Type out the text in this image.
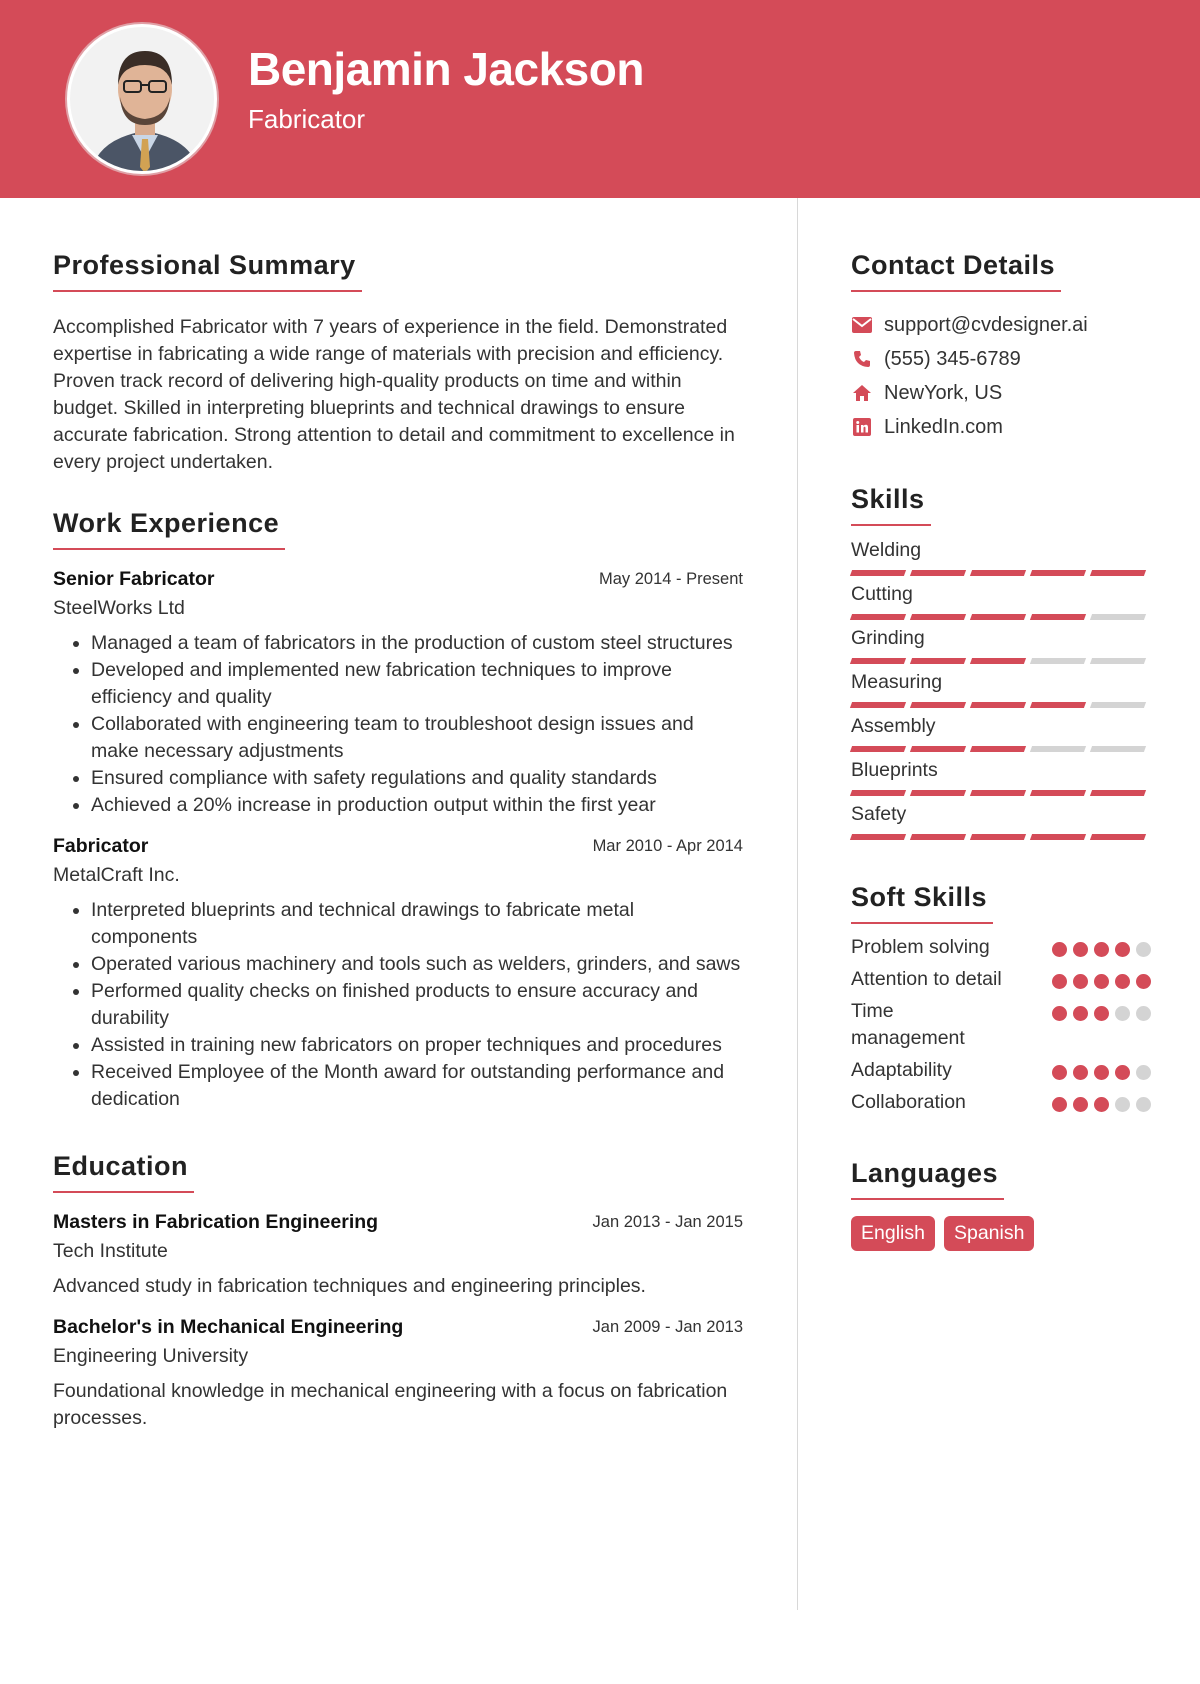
Benjamin Jackson
Fabricator
Professional Summary

Accomplished Fabricator with 7 years of experience in the field. Demonstrated expertise in fabricating a wide range of materials with precision and efficiency. Proven track record of delivering high-quality products on time and within budget. Skilled in interpreting blueprints and technical drawings to ensure accurate fabrication. Strong attention to detail and commitment to excellence in every project undertaken.

Work Experience
Senior Fabricator	May 2014 - Present
SteelWorks Ltd
• Managed a team of fabricators in the production of custom steel structures
• Developed and implemented new fabrication techniques to improve efficiency and quality
• Collaborated with engineering team to troubleshoot design issues and make necessary adjustments
• Ensured compliance with safety regulations and quality standards
• Achieved a 20% increase in production output within the first year
Fabricator	Mar 2010 - Apr 2014
MetalCraft Inc.
• Interpreted blueprints and technical drawings to fabricate metal components
• Operated various machinery and tools such as welders, grinders, and saws
• Performed quality checks on finished products to ensure accuracy and durability
• Assisted in training new fabricators on proper techniques and procedures
• Received Employee of the Month award for outstanding performance and dedication
Education
Masters in Fabrication Engineering	Jan 2013 - Jan 2015
Tech Institute

Advanced study in fabrication techniques and engineering principles.

Bachelor's in Mechanical Engineering	Jan 2009 - Jan 2013
Engineering University

Foundational knowledge in mechanical engineering with a focus on fabrication processes.

Contact Details
support@cvdesigner.ai
(555) 345-6789
NewYork, US
LinkedIn.com
Skills
Welding
Cutting
Grinding
Measuring
Assembly
Blueprints
Safety
Soft Skills
Problem solving
Attention to detail
Time management
Adaptability
Collaboration
Languages
English	Spanish
